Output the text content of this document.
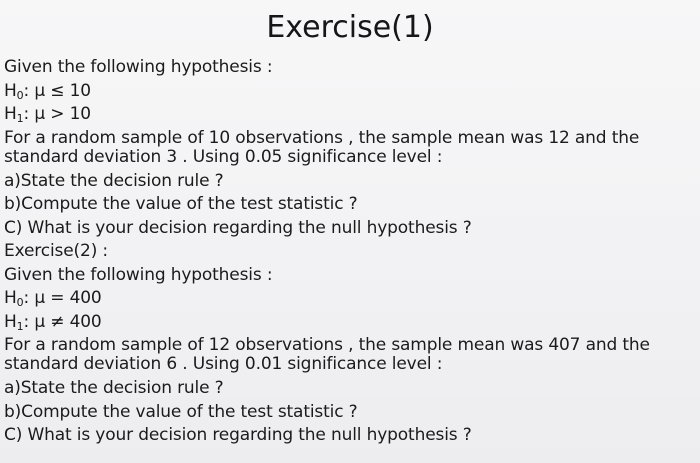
Exercise(1)
Given the following hypothesis :
$H_0$: μ ≤ 10
$H_1$: μ > 10
For a random sample of 10 observations , the sample mean was 12 and the standard deviation 3 . Using 0.05 significance level :
a)State the decision rule ?
b)Compute the value of the test statistic ?
C) What is your decision regarding the null hypothesis ?
Exercise(2) :
Given the following hypothesis :
$H_0$: μ = 400
$H_1$: μ ≠ 400
For a random sample of 12 observations , the sample mean was 407 and the standard deviation 6 . Using 0.01 significance level :
a)State the decision rule ?
b)Compute the value of the test statistic ?
C) What is your decision regarding the null hypothesis ?
